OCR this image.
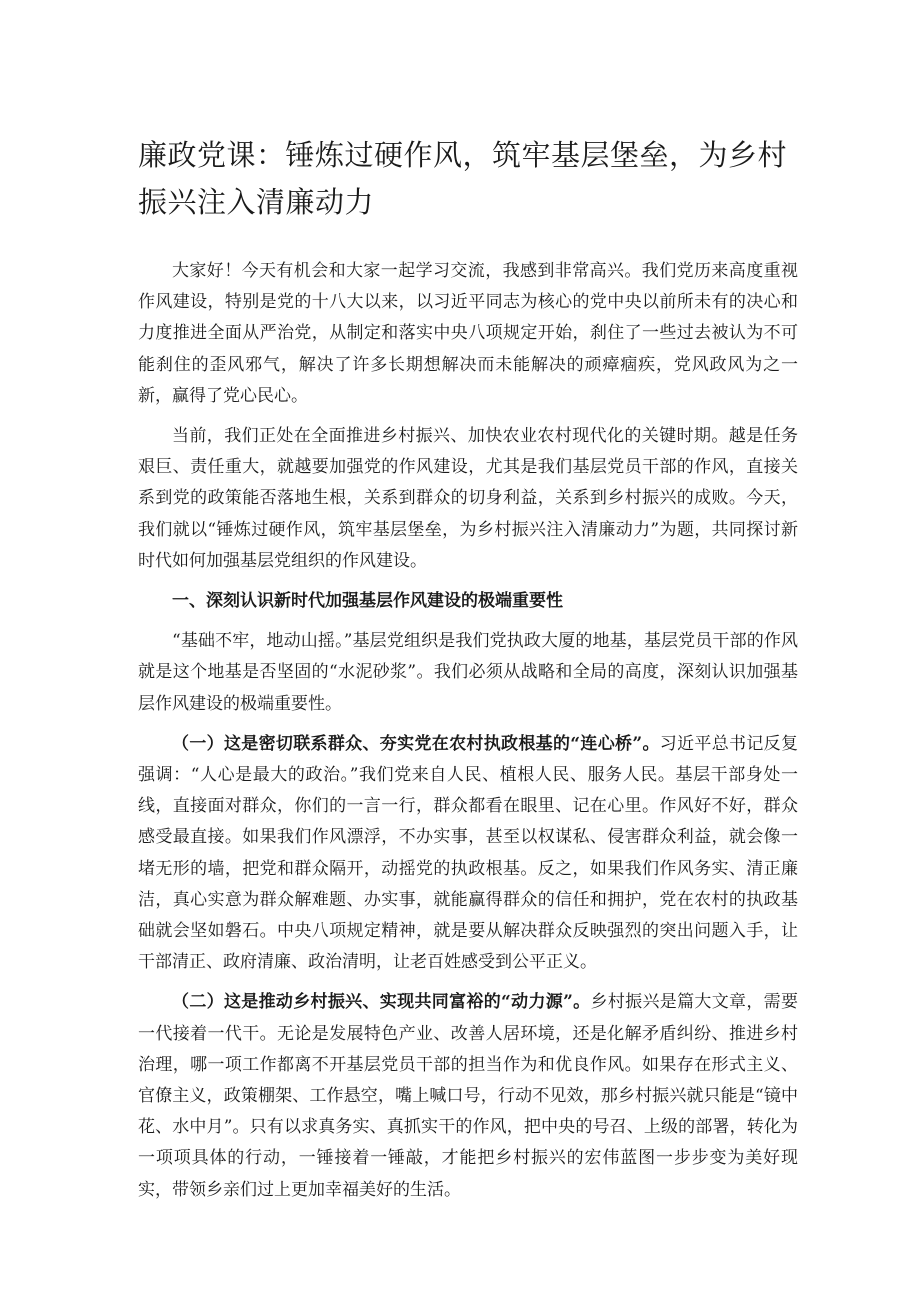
廉政党课：锤炼过硬作风，筑牢基层堡垒，为乡村振兴注入清廉动力

大家好！今天有机会和大家一起学习交流，我感到非常高兴。我们党历来高度重视作风建设，特别是党的十八大以来，以习近平同志为核心的党中央以前所未有的决心和力度推进全面从严治党，从制定和落实中央八项规定开始，刹住了一些过去被认为不可能刹住的歪风邪气，解决了许多长期想解决而未能解决的顽瘴痼疾，党风政风为之一新，赢得了党心民心。

当前，我们正处在全面推进乡村振兴、加快农业农村现代化的关键时期。越是任务艰巨、责任重大，就越要加强党的作风建设，尤其是我们基层党员干部的作风，直接关系到党的政策能否落地生根，关系到群众的切身利益，关系到乡村振兴的成败。今天，我们就以“锤炼过硬作风，筑牢基层堡垒，为乡村振兴注入清廉动力”为题，共同探讨新时代如何加强基层党组织的作风建设。

一、深刻认识新时代加强基层作风建设的极端重要性

“基础不牢，地动山摇。”基层党组织是我们党执政大厦的地基，基层党员干部的作风就是这个地基是否坚固的“水泥砂浆”。我们必须从战略和全局的高度，深刻认识加强基层作风建设的极端重要性。

（一）这是密切联系群众、夯实党在农村执政根基的“连心桥”。习近平总书记反复强调：“人心是最大的政治。”我们党来自人民、植根人民、服务人民。基层干部身处一线，直接面对群众，你们的一言一行，群众都看在眼里、记在心里。作风好不好，群众感受最直接。如果我们作风漂浮，不办实事，甚至以权谋私、侵害群众利益，就会像一堵无形的墙，把党和群众隔开，动摇党的执政根基。反之，如果我们作风务实、清正廉洁，真心实意为群众解难题、办实事，就能赢得群众的信任和拥护，党在农村的执政基础就会坚如磐石。中央八项规定精神，就是要从解决群众反映强烈的突出问题入手，让干部清正、政府清廉、政治清明，让老百姓感受到公平正义。

（二）这是推动乡村振兴、实现共同富裕的“动力源”。乡村振兴是篇大文章，需要一代接着一代干。无论是发展特色产业、改善人居环境，还是化解矛盾纠纷、推进乡村治理，哪一项工作都离不开基层党员干部的担当作为和优良作风。如果存在形式主义、官僚主义，政策棚架、工作悬空，嘴上喊口号，行动不见效，那乡村振兴就只能是“镜中花、水中月”。只有以求真务实、真抓实干的作风，把中央的号召、上级的部署，转化为一项项具体的行动，一锤接着一锤敲，才能把乡村振兴的宏伟蓝图一步步变为美好现实，带领乡亲们过上更加幸福美好的生活。
